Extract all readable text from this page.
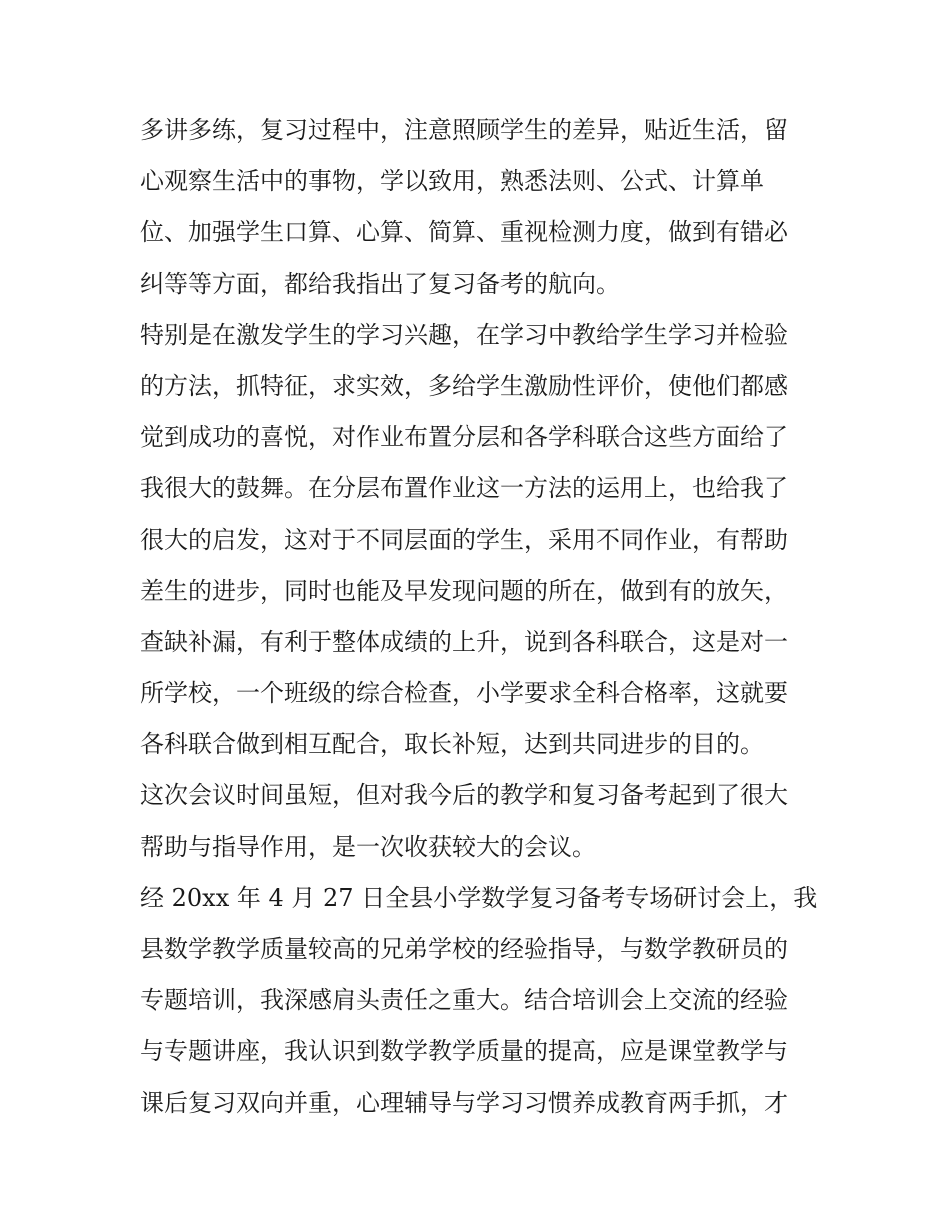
多讲多练，复习过程中，注意照顾学生的差异，贴近生活，留
心观察生活中的事物，学以致用，熟悉法则、公式、计算单
位、加强学生口算、心算、简算、重视检测力度，做到有错必
纠等等方面，都给我指出了复习备考的航向。
特别是在激发学生的学习兴趣，在学习中教给学生学习并检验
的方法，抓特征，求实效，多给学生激励性评价，使他们都感
觉到成功的喜悦，对作业布置分层和各学科联合这些方面给了
我很大的鼓舞。在分层布置作业这一方法的运用上，也给我了
很大的启发，这对于不同层面的学生，采用不同作业，有帮助
差生的进步，同时也能及早发现问题的所在，做到有的放矢，
查缺补漏，有利于整体成绩的上升，说到各科联合，这是对一
所学校，一个班级的综合检查，小学要求全科合格率，这就要
各科联合做到相互配合，取长补短，达到共同进步的目的。
这次会议时间虽短，但对我今后的教学和复习备考起到了很大
帮助与指导作用，是一次收获较大的会议。
经 20xx 年 4 月 27 日全县小学数学复习备考专场研讨会上，我
县数学教学质量较高的兄弟学校的经验指导，与数学教研员的
专题培训，我深感肩头责任之重大。结合培训会上交流的经验
与专题讲座，我认识到数学教学质量的提高，应是课堂教学与
课后复习双向并重，心理辅导与学习习惯养成教育两手抓，才
